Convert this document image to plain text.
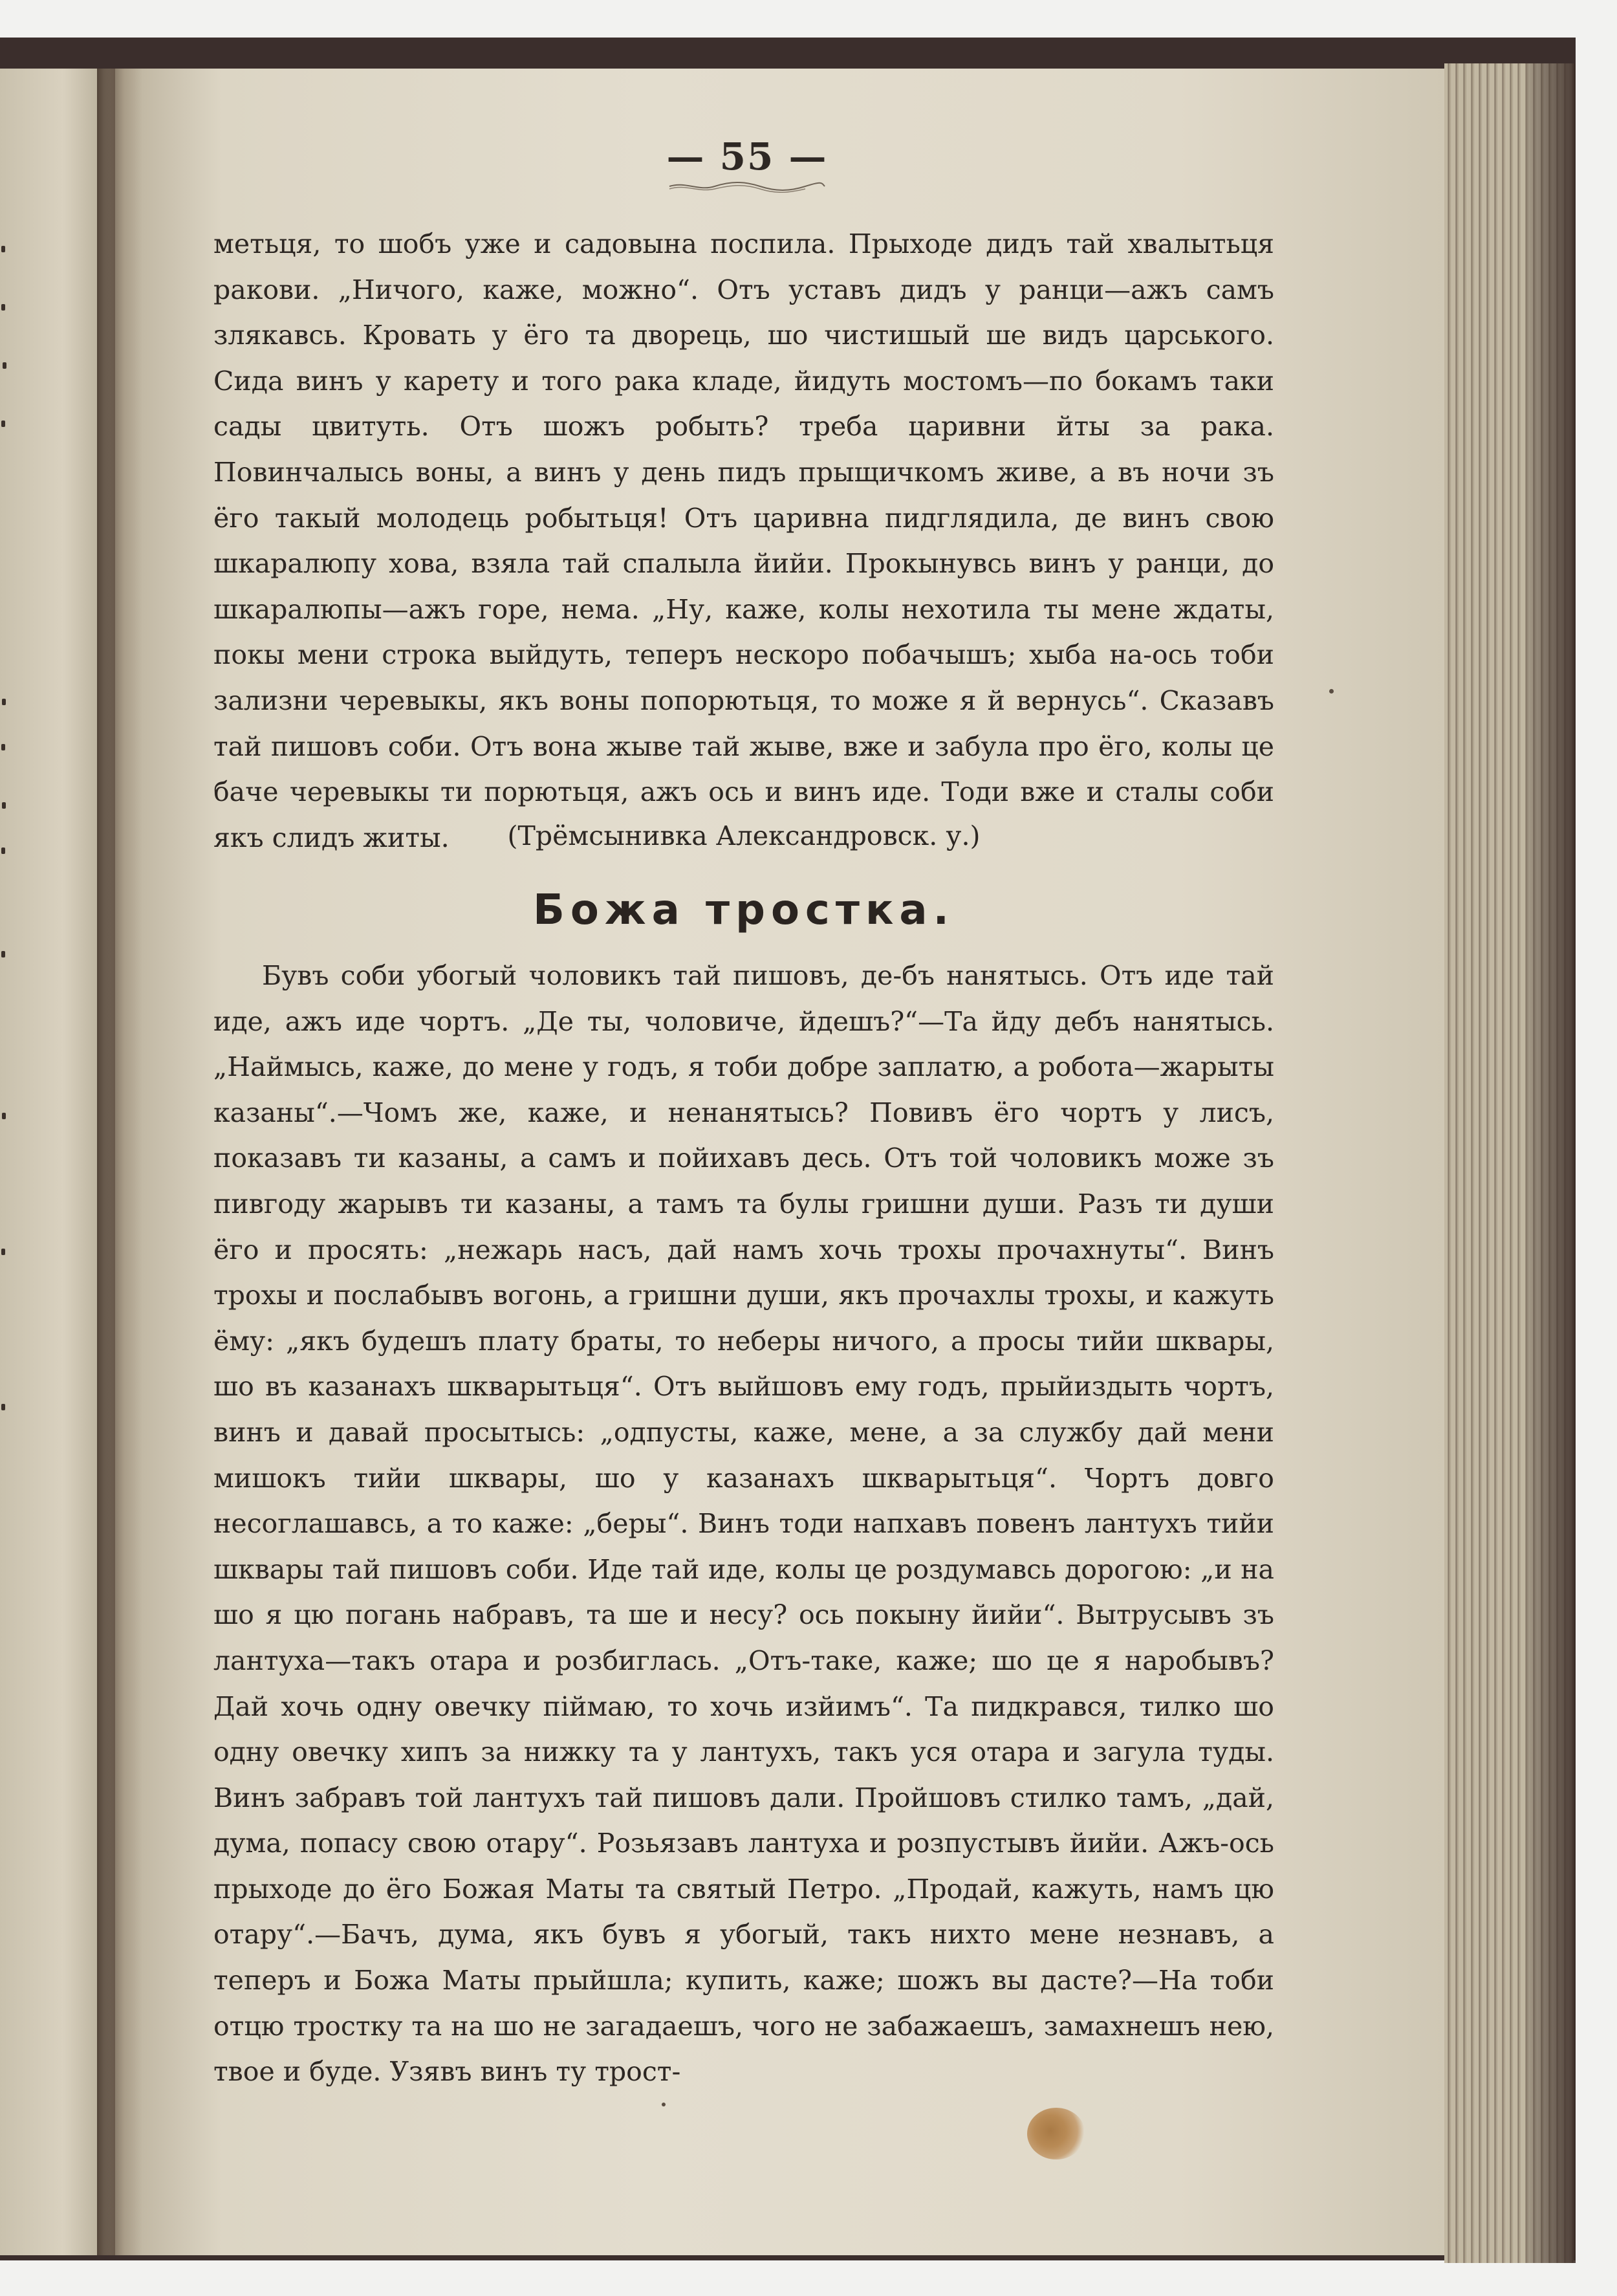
— 55 —

метьця, то шобъ уже и садовына поспила. Прыходе дидъ тай хвалытьця ракови. „Ничого, каже, можно“. Отъ уставъ дидъ у ранци—ажъ самъ злякавсь. Кровать у ёго та дворець, шо чистишый ше видъ царського. Сида винъ у карету и того рака кладе, йидуть мостомъ—по бокамъ таки сады цвитуть. Отъ шожъ робыть? треба царивни йты за рака. Повинчалысь воны, а винъ у день пидъ прыщичкомъ живе, а въ ночи зъ ёго такый молодець робытьця! Отъ царивна пидглядила, де винъ свою шкаралюпу хова, взяла тай спалыла йийи. Прокынувсь винъ у ранци, до шкаралюпы—ажъ горе, нема. „Ну, каже, колы нехотила ты мене ждаты, покы мени строка выйдуть, теперъ нескоро побачышъ; хыба на-ось тоби зализни черевыкы, якъ воны попорютьця, то може я й вернусь“. Сказавъ тай пишовъ соби. Отъ вона жыве тай жыве, вже и забула про ёго, колы це баче черевыкы ти порютьця, ажъ ось и винъ иде. Тоди вже и сталы соби якъ слидъ житы.	(Трёмсынивка Александровск. у.)
Божа тростка.

Бувъ соби убогый чоловикъ тай пишовъ, де-бъ нанятысь. Отъ иде тай иде, ажъ иде чортъ. „Де ты, чоловиче, йдешъ?“—Та йду дебъ нанятысь. „Наймысь, каже, до мене у годъ, я тоби добре заплатю, а робота—жарыты казаны“.—Чомъ же, каже, и ненанятысь? Повивъ ёго чортъ у лисъ, показавъ ти казаны, а самъ и пойихавъ десь. Отъ той чоловикъ може зъ пивгоду жарывъ ти казаны, а тамъ та булы гришни души. Разъ ти души ёго и просять: „нежарь насъ, дай намъ хочь трохы прочахнуты“. Винъ трохы и послабывъ вогонь, а гришни души, якъ прочахлы трохы, и кажуть ёму: „якъ будешъ плату браты, то неберы ничого, а просы тийи шквары, шо въ казанахъ шкварытьця“. Отъ выйшовъ ему годъ, прыйиздыть чортъ, винъ и давай просытысь: „одпусты, каже, мене, а за службу дай мени мишокъ тийи шквары, шо у казанахъ шкварытьця“. Чортъ довго несоглашавсь, а то каже: „беры“. Винъ тоди напхавъ повенъ лантухъ тийи шквары тай пишовъ соби. Иде тай иде, колы це роздумавсь дорогою: „и на шо я цю погань набравъ, та ше и несу? ось покыну йийи“. Вытрусывъ зъ лантуха—такъ отара и розбиглась. „Отъ-таке, каже; шо це я наробывъ? Дай хочь одну овечку піймаю, то хочь изйимъ“. Та пидкрався, тилко шо одну овечку хипъ за нижку та у лантухъ, такъ уся отара и загула туды. Винъ забравъ той лантухъ тай пишовъ дали. Пройшовъ стилко тамъ, „дай, дума, попасу свою отару“. Розьязавъ лантуха и розпустывъ йийи. Ажъ-ось прыходе до ёго Божая Маты та святый Петро. „Продай, кажуть, намъ цю отару“.—Бачъ, дума, якъ бувъ я убогый, такъ нихто мене незнавъ, а теперъ и Божа Маты прыйшла; купить, каже; шожъ вы дасте?—На тоби отцю тростку та на шо не загадаешъ, чого не забажаешъ, замахнешъ нею, твое и буде. Узявъ винъ ту трост-
